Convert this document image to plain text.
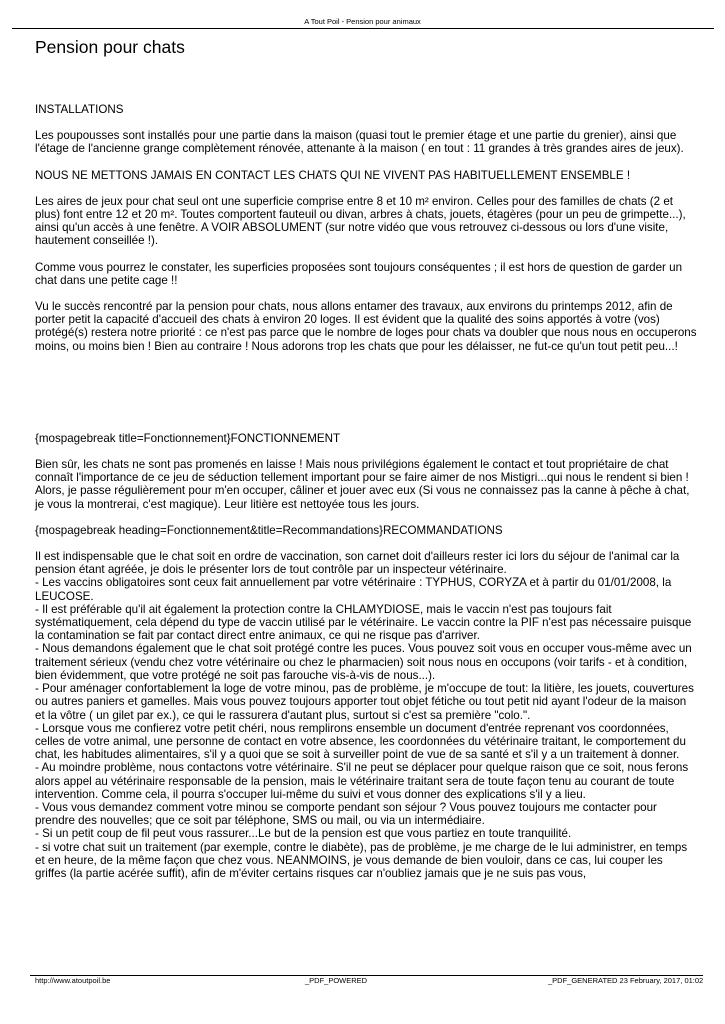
A Tout Poil - Pension pour animaux
Pension pour chats

INSTALLATIONS

Les poupousses sont installés pour une partie dans la maison (quasi tout le premier étage et une partie du grenier), ainsi que l'étage de l'ancienne grange complètement rénovée, attenante à la maison ( en tout : 11 grandes à très grandes aires de jeux).

NOUS NE METTONS JAMAIS EN CONTACT LES CHATS QUI NE VIVENT PAS HABITUELLEMENT ENSEMBLE !

Les aires de jeux pour chat seul ont une superficie comprise entre 8 et 10 m² environ. Celles pour des familles de chats (2 et plus) font entre 12 et 20 m². Toutes comportent fauteuil ou divan, arbres à chats, jouets, étagères (pour un peu de grimpette...), ainsi qu'un accès à une fenêtre. A VOIR ABSOLUMENT (sur notre vidéo que vous retrouvez ci-dessous ou lors d'une visite, hautement conseillée !).

Comme vous pourrez le constater, les superficies proposées sont toujours conséquentes ; il est hors de question de garder un chat dans une petite cage !!

Vu le succès rencontré par la pension pour chats, nous allons entamer des travaux, aux environs du printemps 2012, afin de porter petit la capacité d'accueil des chats à environ 20 loges. Il est évident que la qualité des soins apportés à votre (vos) protégé(s) restera notre priorité : ce n'est pas parce que le nombre de loges pour chats va doubler que nous nous en occuperons moins, ou moins bien ! Bien au contraire ! Nous adorons trop les chats que pour les délaisser, ne fut-ce qu'un tout petit peu...!

{mospagebreak title=Fonctionnement}FONCTIONNEMENT

Bien sûr, les chats ne sont pas promenés en laisse ! Mais nous privilégions également le contact et tout propriétaire de chat connaît l'importance de ce jeu de séduction tellement important pour se faire aimer de nos Mistigri...qui nous le rendent si bien ! Alors, je passe régulièrement pour m'en occuper, câliner et jouer avec eux (Si vous ne connaissez pas la canne à pêche à chat, je vous la montrerai, c'est magique). Leur litière est nettoyée tous les jours.

{mospagebreak heading=Fonctionnement&title=Recommandations}RECOMMANDATIONS

Il est indispensable que le chat soit en ordre de vaccination, son carnet doit d'ailleurs rester ici lors du séjour de l'animal car la pension étant agréée, je dois le présenter lors de tout contrôle par un inspecteur vétérinaire.
- Les vaccins obligatoires sont ceux fait annuellement par votre vétérinaire : TYPHUS, CORYZA et à partir du 01/01/2008, la LEUCOSE.
- Il est préférable qu'il ait également la protection contre la CHLAMYDIOSE, mais le vaccin n'est pas toujours fait systématiquement, cela dépend du type de vaccin utilisé par le vétérinaire. Le vaccin contre la PIF n'est pas nécessaire puisque la contamination se fait par contact direct entre animaux, ce qui ne risque pas d'arriver.
- Nous demandons également que le chat soit protégé contre les puces. Vous pouvez soit vous en occuper vous-même avec un traitement sérieux (vendu chez votre vétérinaire ou chez le pharmacien) soit nous nous en occupons (voir tarifs - et à condition, bien évidemment, que votre protégé ne soit pas farouche vis-à-vis de nous...).
- Pour aménager confortablement la loge de votre minou, pas de problème, je m'occupe de tout: la litière, les jouets, couvertures ou autres paniers et gamelles. Mais vous pouvez toujours apporter tout objet fétiche ou tout petit nid ayant l'odeur de la maison et la vôtre ( un gilet par ex.), ce qui le rassurera d'autant plus, surtout si c'est sa première "colo.".
- Lorsque vous me confierez votre petit chéri, nous remplirons ensemble un document d'entrée reprenant vos coordonnées, celles de votre animal, une personne de contact en votre absence, les coordonnées du vétérinaire traitant, le comportement du chat, les habitudes alimentaires, s'il y a quoi que se soit à surveiller point de vue de sa santé et s'il y a un traitement à donner.
- Au moindre problème, nous contactons votre vétérinaire. S'il ne peut se déplacer pour quelque raison que ce soit, nous ferons alors appel au vétérinaire responsable de la pension, mais le vétérinaire traitant sera de toute façon tenu au courant de toute intervention. Comme cela, il pourra s'occuper lui-même du suivi et vous donner des explications s'il y a lieu.
- Vous vous demandez comment votre minou se comporte pendant son séjour ? Vous pouvez toujours me contacter pour prendre des nouvelles; que ce soit par téléphone, SMS ou mail, ou via un intermédiaire.
- Si un petit coup de fil peut vous rassurer...Le but de la pension est que vous partiez en toute tranquilité.
- si votre chat suit un traitement (par exemple, contre le diabète), pas de problème, je me charge de le lui administrer, en temps et en heure, de la même façon que chez vous. NEANMOINS, je vous demande de bien vouloir, dans ce cas, lui couper les griffes (la partie acérée suffit), afin de m'éviter certains risques car n'oubliez jamais que je ne suis pas vous,
http://www.atoutpoil.be	_PDF_POWERED	_PDF_GENERATED 23 February, 2017, 01:02
